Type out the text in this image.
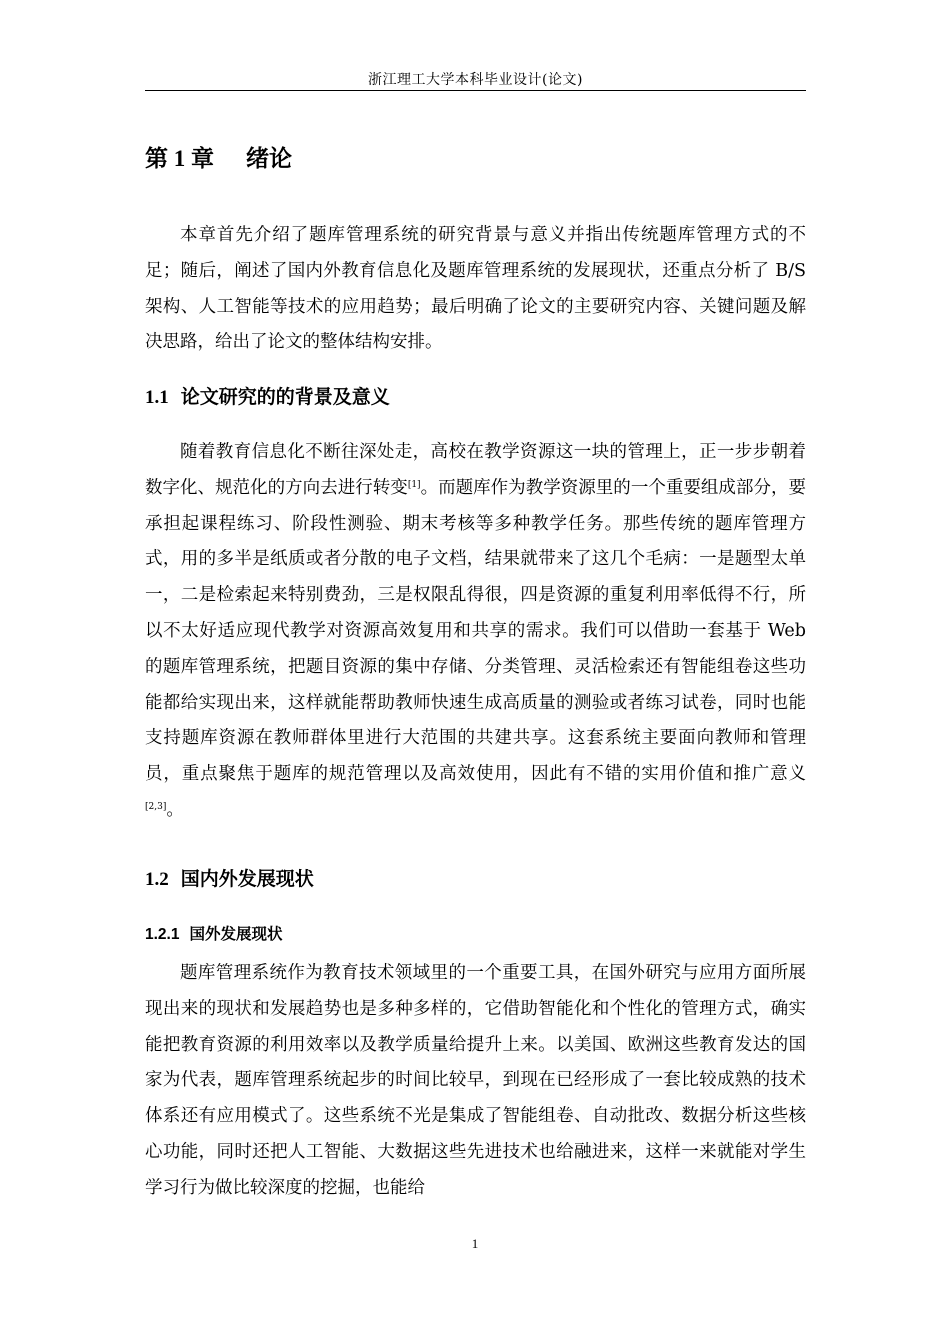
浙江理工大学本科毕业设计(论文)
第 1 章 绪论

本章首先介绍了题库管理系统的研究背景与意义并指出传统题库管理方式的不足；随后，阐述了国内外教育信息化及题库管理系统的发展现状，还重点分析了 B/S 架构、人工智能等技术的应用趋势；最后明确了论文的主要研究内容、关键问题及解决思路，给出了论文的整体结构安排。

1.1 论文研究的的背景及意义

随着教育信息化不断往深处走，高校在教学资源这一块的管理上，正一步步朝着数字化、规范化的方向去进行转变[1]。而题库作为教学资源里的一个重要组成部分，要承担起课程练习、阶段性测验、期末考核等多种教学任务。那些传统的题库管理方式，用的多半是纸质或者分散的电子文档，结果就带来了这几个毛病：一是题型太单一，二是检索起来特别费劲，三是权限乱得很，四是资源的重复利用率低得不行，所以不太好适应现代教学对资源高效复用和共享的需求。我们可以借助一套基于 Web 的题库管理系统，把题目资源的集中存储、分类管理、灵活检索还有智能组卷这些功能都给实现出来，这样就能帮助教师快速生成高质量的测验或者练习试卷，同时也能支持题库资源在教师群体里进行大范围的共建共享。这套系统主要面向教师和管理员，重点聚焦于题库的规范管理以及高效使用，因此有不错的实用价值和推广意义[2,3]。

1.2 国内外发展现状
1.2.1 国外发展现状

题库管理系统作为教育技术领域里的一个重要工具，在国外研究与应用方面所展现出来的现状和发展趋势也是多种多样的，它借助智能化和个性化的管理方式，确实能把教育资源的利用效率以及教学质量给提升上来。以美国、欧洲这些教育发达的国家为代表，题库管理系统起步的时间比较早，到现在已经形成了一套比较成熟的技术体系还有应用模式了。这些系统不光是集成了智能组卷、自动批改、数据分析这些核心功能，同时还把人工智能、大数据这些先进技术也给融进来，这样一来就能对学生学习行为做比较深度的挖掘，也能给

1
